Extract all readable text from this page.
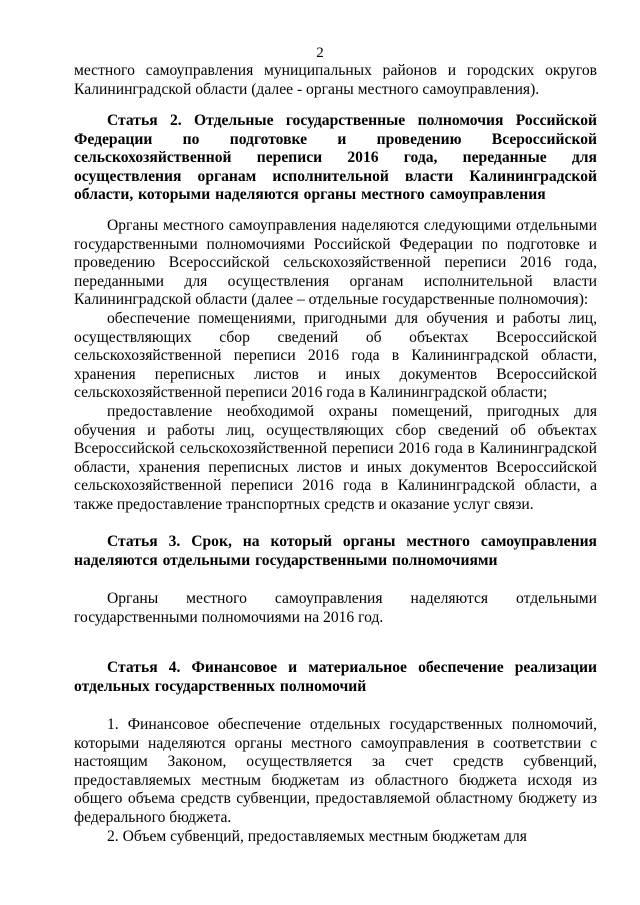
2

местного самоуправления муниципальных районов и городских округов Калининградской области (далее - органы местного самоуправления).

Статья 2. Отдельные государственные полномочия Российской Федерации по подготовке и проведению Всероссийской сельскохозяйственной переписи 2016 года, переданные для осуществления органам исполнительной власти Калининградской области, которыми наделяются органы местного самоуправления

Органы местного самоуправления наделяются следующими отдельными государственными полномочиями Российской Федерации по подготовке и проведению Всероссийской сельскохозяйственной переписи 2016 года, переданными для осуществления органам исполнительной власти Калининградской области (далее – отдельные государственные полномочия):

обеспечение помещениями, пригодными для обучения и работы лиц, осуществляющих сбор сведений об объектах Всероссийской сельскохозяйственной переписи 2016 года в Калининградской области, хранения переписных листов и иных документов Всероссийской сельскохозяйственной переписи 2016 года в Калининградской области;

предоставление необходимой охраны помещений, пригодных для обучения и работы лиц, осуществляющих сбор сведений об объектах Всероссийской сельскохозяйственной переписи 2016 года в Калининградской области, хранения переписных листов и иных документов Всероссийской сельскохозяйственной переписи 2016 года в Калининградской области, а также предоставление транспортных средств и оказание услуг связи.

Статья 3. Срок, на который органы местного самоуправления наделяются отдельными государственными полномочиями

Органы местного самоуправления наделяются отдельными государственными полномочиями на 2016 год.

Статья 4. Финансовое и материальное обеспечение реализации отдельных государственных полномочий

1. Финансовое обеспечение отдельных государственных полномочий, которыми наделяются органы местного самоуправления в соответствии с настоящим Законом, осуществляется за счет средств субвенций, предоставляемых местным бюджетам из областного бюджета исходя из общего объема средств субвенции, предоставляемой областному бюджету из федерального бюджета.

2. Объем субвенций, предоставляемых местным бюджетам для
